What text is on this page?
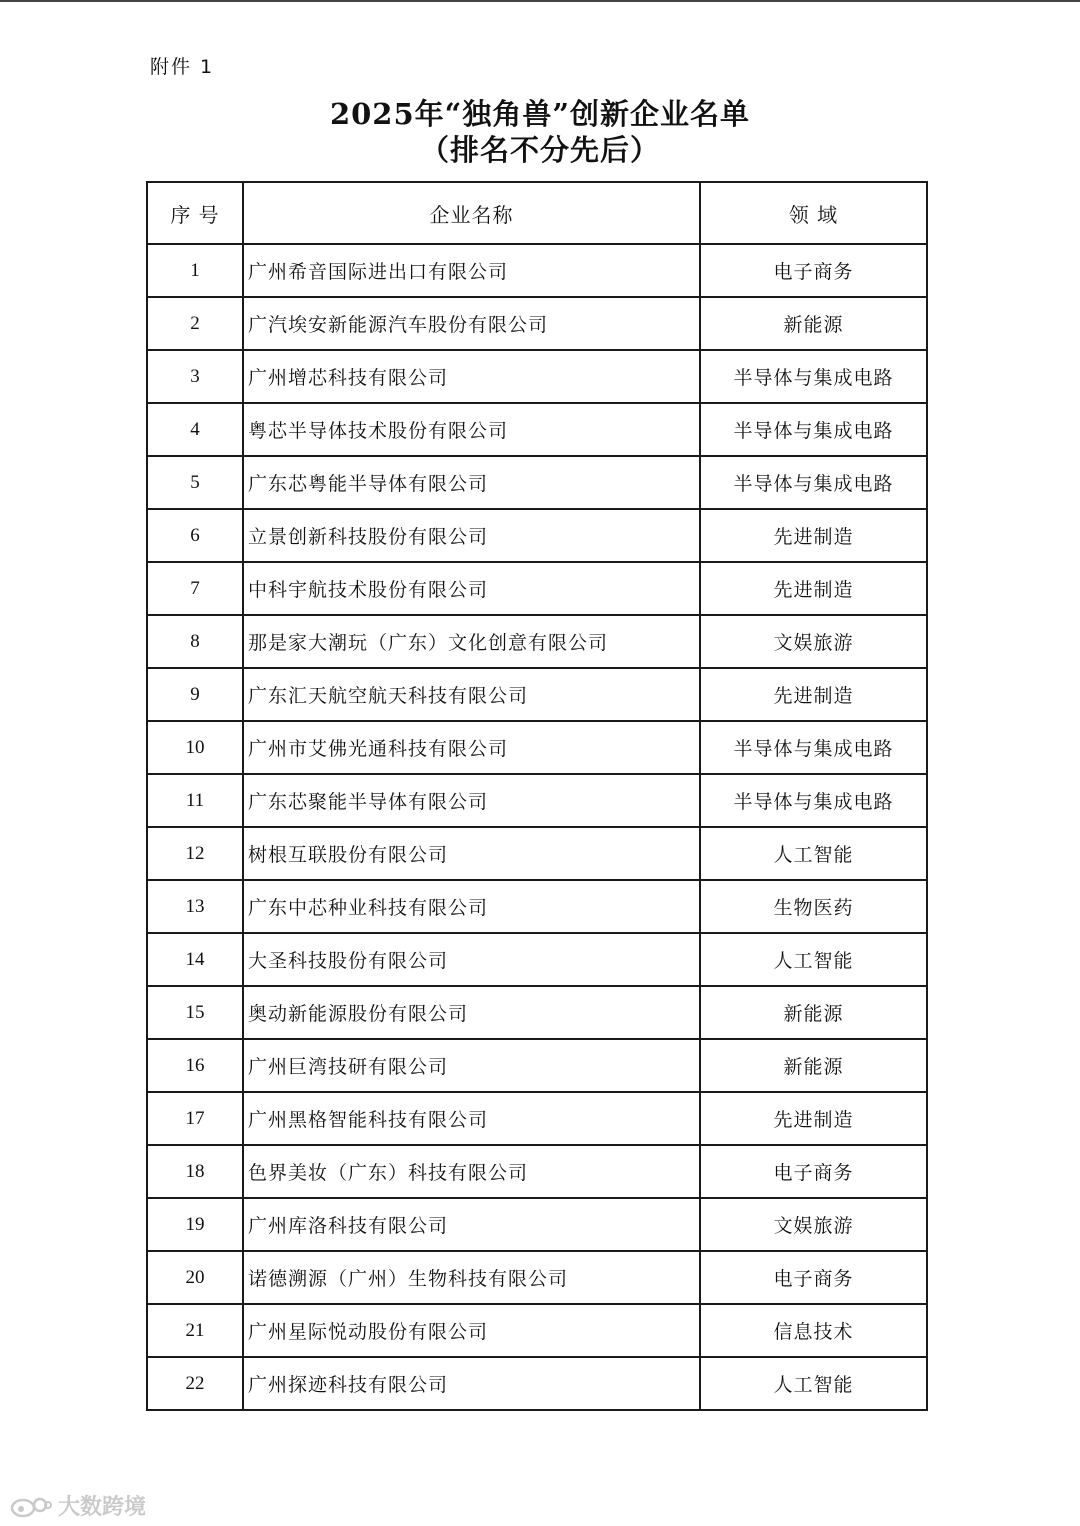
附件 1
2025年“独角兽”创新企业名单
（排名不分先后）
序 号	企业名称	领 域
1	广州希音国际进出口有限公司	电子商务
2	广汽埃安新能源汽车股份有限公司	新能源
3	广州增芯科技有限公司	半导体与集成电路
4	粤芯半导体技术股份有限公司	半导体与集成电路
5	广东芯粤能半导体有限公司	半导体与集成电路
6	立景创新科技股份有限公司	先进制造
7	中科宇航技术股份有限公司	先进制造
8	那是家大潮玩（广东）文化创意有限公司	文娱旅游
9	广东汇天航空航天科技有限公司	先进制造
10	广州市艾佛光通科技有限公司	半导体与集成电路
11	广东芯聚能半导体有限公司	半导体与集成电路
12	树根互联股份有限公司	人工智能
13	广东中芯种业科技有限公司	生物医药
14	大圣科技股份有限公司	人工智能
15	奥动新能源股份有限公司	新能源
16	广州巨湾技研有限公司	新能源
17	广州黑格智能科技有限公司	先进制造
18	色界美妆（广东）科技有限公司	电子商务
19	广州库洛科技有限公司	文娱旅游
20	诺德溯源（广州）生物科技有限公司	电子商务
21	广州星际悦动股份有限公司	信息技术
22	广州探迹科技有限公司	人工智能
大数跨境
